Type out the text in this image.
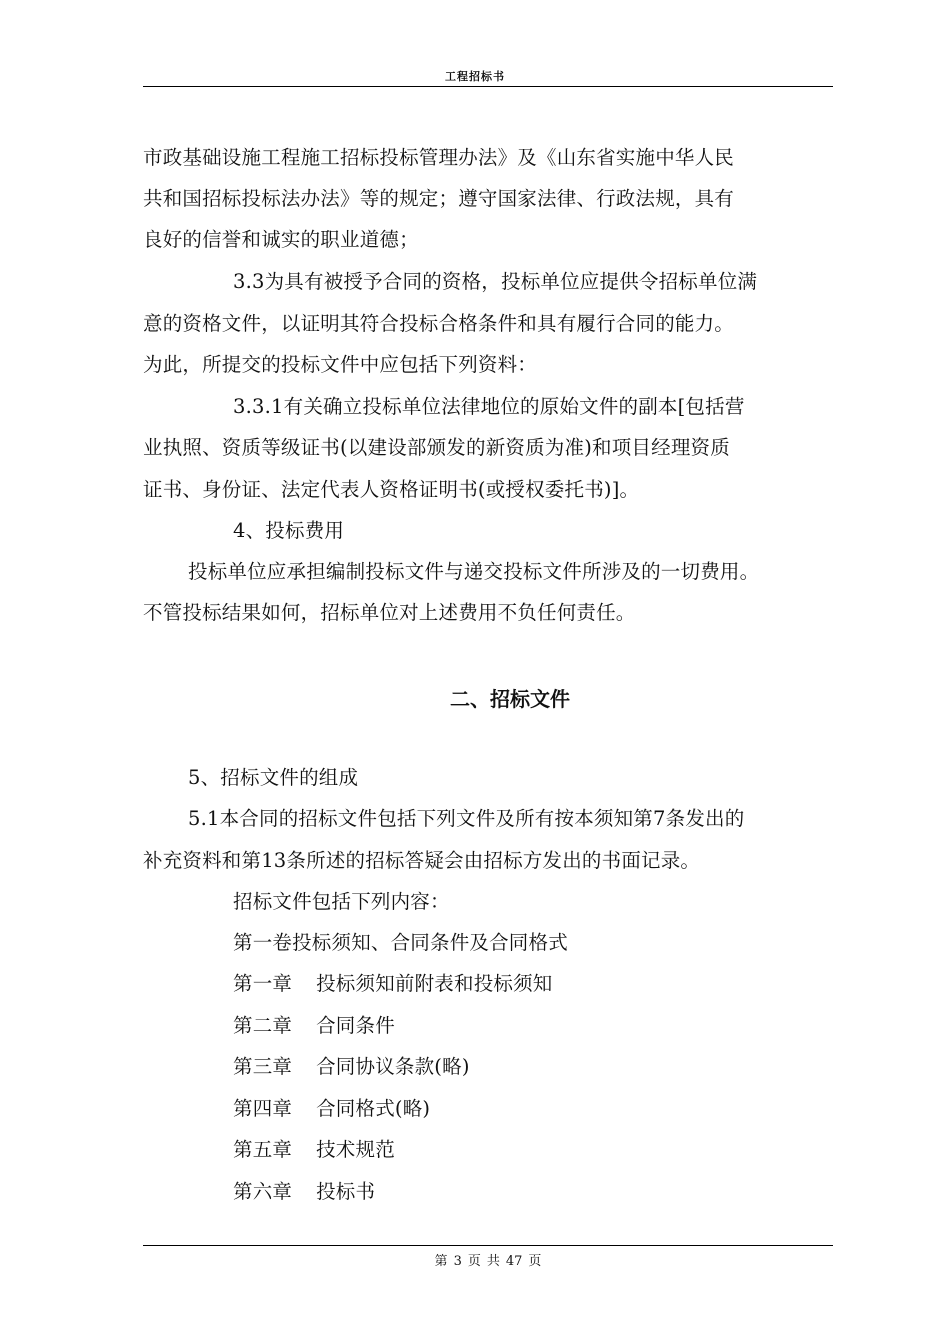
工程招标书
市政基础设施工程施工招标投标管理办法》及《山东省实施中华人民
共和国招标投标法办法》等的规定；遵守国家法律、行政法规，具有
良好的信誉和诚实的职业道德；
3.3为具有被授予合同的资格，投标单位应提供令招标单位满
意的资格文件，以证明其符合投标合格条件和具有履行合同的能力。
为此，所提交的投标文件中应包括下列资料：
3.3.1有关确立投标单位法律地位的原始文件的副本[包括营
业执照、资质等级证书(以建设部颁发的新资质为准)和项目经理资质
证书、身份证、法定代表人资格证明书(或授权委托书)]。
4、投标费用
投标单位应承担编制投标文件与递交投标文件所涉及的一切费用。
不管投标结果如何，招标单位对上述费用不负任何责任。
二、招标文件
5、招标文件的组成
5.1本合同的招标文件包括下列文件及所有按本须知第7条发出的
补充资料和第13条所述的招标答疑会由招标方发出的书面记录。
招标文件包括下列内容：
第一卷投标须知、合同条件及合同格式
第一章 投标须知前附表和投标须知
第二章 合同条件
第三章 合同协议条款(略)
第四章 合同格式(略)
第五章 技术规范
第六章 投标书
第 3 页 共 47 页
